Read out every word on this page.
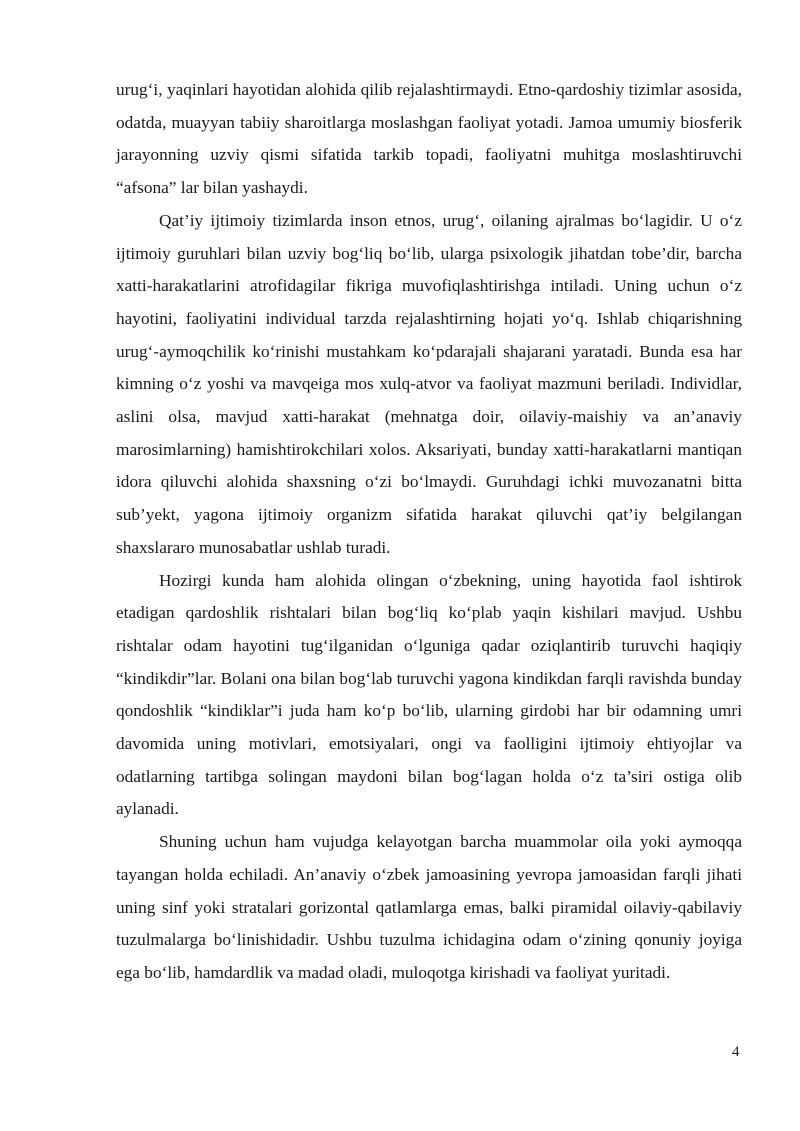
urug‘i, yaqinlari hayotidan alohida qilib rejalashtirmaydi. Etno-qardoshiy tizimlar asosida, odatda, muayyan tabiiy sharoitlarga moslashgan faoliyat yotadi. Jamoa umumiy biosferik jarayonning uzviy qismi sifatida tarkib topadi, faoliyatni muhitga moslashtiruvchi “afsona” lar bilan yashaydi.

Qat’iy ijtimoiy tizimlarda inson etnos, urug‘, oilaning ajralmas bo‘lagidir. U o‘z ijtimoiy guruhlari bilan uzviy bog‘liq bo‘lib, ularga psixologik jihatdan tobe’dir, barcha xatti-harakatlarini atrofidagilar fikriga muvofiqlashtirishga intiladi. Uning uchun o‘z hayotini, faoliyatini individual tarzda rejalashtirning hojati yo‘q. Ishlab chiqarishning urug‘-aymoqchilik ko‘rinishi mustahkam ko‘pdarajali shajarani yaratadi. Bunda esa har kimning o‘z yoshi va mavqeiga mos xulq-atvor va faoliyat mazmuni beriladi. Individlar, aslini olsa, mavjud xatti-harakat (mehnatga doir, oilaviy-maishiy va an’anaviy marosimlarning) hamishtirokchilari xolos. Aksariyati, bunday xatti-harakatlarni mantiqan idora qiluvchi alohida shaxsning o‘zi bo‘lmaydi. Guruhdagi ichki muvozanatni bitta sub’yekt, yagona ijtimoiy organizm sifatida harakat qiluvchi qat’iy belgilangan shaxslararo munosabatlar ushlab turadi.

Hozirgi kunda ham alohida olingan o‘zbekning, uning hayotida faol ishtirok etadigan qardoshlik rishtalari bilan bog‘liq ko‘plab yaqin kishilari mavjud. Ushbu rishtalar odam hayotini tug‘ilganidan o‘lguniga qadar oziqlantirib turuvchi haqiqiy “kindikdir”lar. Bolani ona bilan bog‘lab turuvchi yagona kindikdan farqli ravishda bunday qondoshlik “kindiklar”i juda ham ko‘p bo‘lib, ularning girdobi har bir odamning umri davomida uning motivlari, emotsiyalari, ongi va faolligini ijtimoiy ehtiyojlar va odatlarning tartibga solingan maydoni bilan bog‘lagan holda o‘z ta’siri ostiga olib aylanadi.

Shuning uchun ham vujudga kelayotgan barcha muammolar oila yoki aymoqqa tayangan holda echiladi. An’anaviy o‘zbek jamoasining yevropa jamoasidan farqli jihati uning sinf yoki stratalari gorizontal qatlamlarga emas, balki piramidal oilaviy-qabilaviy tuzulmalarga bo‘linishidadir. Ushbu tuzulma ichidagina odam o‘zining qonuniy joyiga ega bo‘lib, hamdardlik va madad oladi, muloqotga kirishadi va faoliyat yuritadi.

4
